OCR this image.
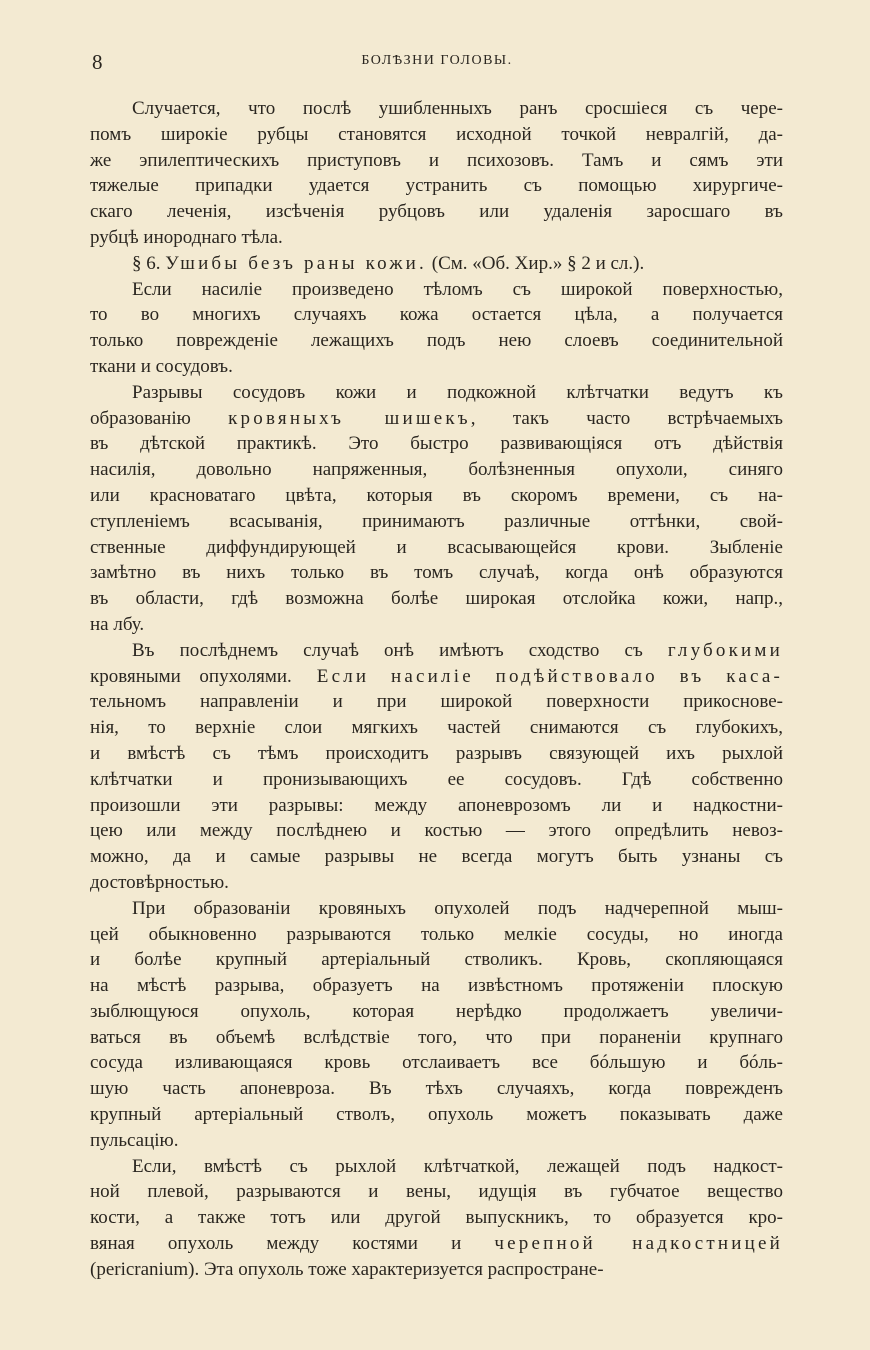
8	БОЛѢЗНИ ГОЛОВЫ.
Случается, что послѣ ушибленныхъ ранъ сросшіеся съ чере-
помъ широкіе рубцы становятся исходной точкой невралгій, да-
же эпилептическихъ приступовъ и психозовъ. Тамъ и сямъ эти
тяжелые припадки удается устранить съ помощью хирургиче-
скаго леченія, изсѣченія рубцовъ или удаленія заросшаго въ
рубцѣ инороднаго тѣла.
§ 6. Ушибы безъ раны кожи. (См. «Об. Хир.» § 2 и сл.).
Если насиліе произведено тѣломъ съ широкой поверхностью,
то во многихъ случаяхъ кожа остается цѣла, а получается
только поврежденіе лежащихъ подъ нею слоевъ соединительной
ткани и сосудовъ.
Разрывы сосудовъ кожи и подкожной клѣтчатки ведутъ къ
образованію кровяныхъ шишекъ, такъ часто встрѣчаемыхъ
въ дѣтской практикѣ. Это быстро развивающіяся отъ дѣйствія
насилія, довольно напряженныя, болѣзненныя опухоли, синяго
или красноватаго цвѣта, которыя въ скоромъ времени, съ на-
ступленіемъ всасыванія, принимаютъ различные оттѣнки, свой-
ственные диффундирующей и всасывающейся крови. Зыбленіе
замѣтно въ нихъ только въ томъ случаѣ, когда онѣ образуются
въ области, гдѣ возможна болѣе широкая отслойка кожи, напр.,
на лбу.
Въ послѣднемъ случаѣ онѣ имѣютъ сходство съ глубокими
кровяными опухолями. Если насиліе подѣйствовало въ каса-
тельномъ направленіи и при широкой поверхности прикоснове-
нія, то верхніе слои мягкихъ частей снимаются съ глубокихъ,
и вмѣстѣ съ тѣмъ происходитъ разрывъ связующей ихъ рыхлой
клѣтчатки и пронизывающихъ ее сосудовъ. Гдѣ собственно
произошли эти разрывы: между апоневрозомъ ли и надкостни-
цею или между послѣднею и костью — этого опредѣлить невоз-
можно, да и самые разрывы не всегда могутъ быть узнаны съ
достовѣрностью.
При образованіи кровяныхъ опухолей подъ надчерепной мыш-
цей обыкновенно разрываются только мелкіе сосуды, но иногда
и болѣе крупный артеріальный стволикъ. Кровь, скопляющаяся
на мѣстѣ разрыва, образуетъ на извѣстномъ протяженіи плоскую
зыблющуюся опухоль, которая нерѣдко продолжаетъ увеличи-
ваться въ объемѣ вслѣдствіе того, что при пораненіи крупнаго
сосуда изливающаяся кровь отслаиваетъ все бóльшую и бóль-
шую часть апоневроза. Въ тѣхъ случаяхъ, когда поврежденъ
крупный артеріальный стволъ, опухоль можетъ показывать даже
пульсацію.
Если, вмѣстѣ съ рыхлой клѣтчаткой, лежащей подъ надкост-
ной плевой, разрываются и вены, идущія въ губчатое вещество
кости, а также тотъ или другой выпускникъ, то образуется кро-
вяная опухоль между костями и черепной надкостницей
(pericranium). Эта опухоль тоже характеризуется распростране-
